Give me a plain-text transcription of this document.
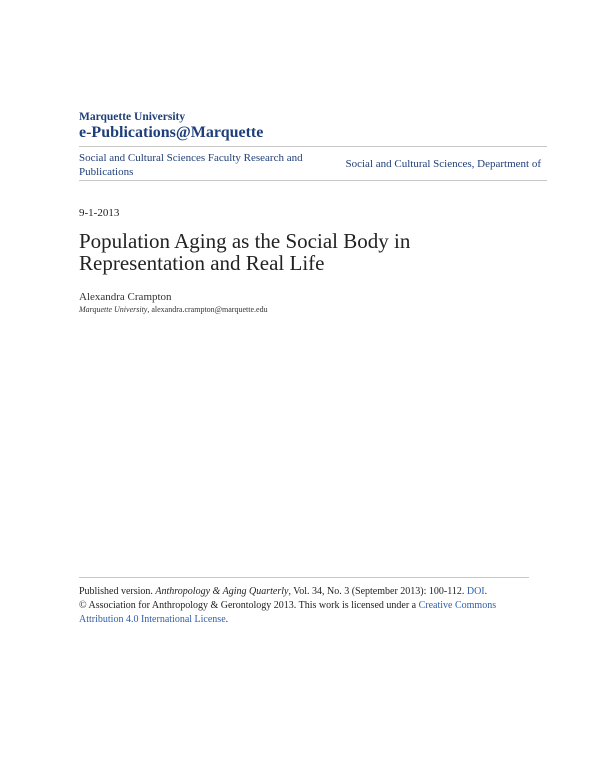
Marquette University
e-Publications@Marquette
Social and Cultural Sciences Faculty Research and Publications
Social and Cultural Sciences, Department of
9-1-2013
Population Aging as the Social Body in Representation and Real Life
Alexandra Crampton
Marquette University, alexandra.crampton@marquette.edu
Published version. Anthropology & Aging Quarterly, Vol. 34, No. 3 (September 2013): 100-112. DOI.
© Association for Anthropology & Gerontology 2013. This work is licensed under a Creative Commons Attribution 4.0 International License.
